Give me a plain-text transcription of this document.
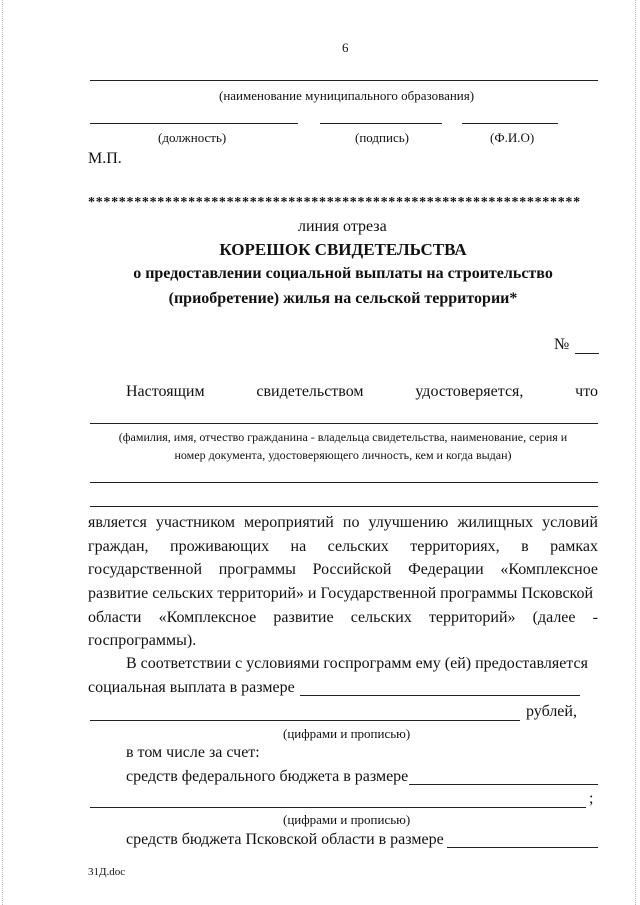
6
(наименование муниципального образования)
(должность)	(подпись)	(Ф.И.О)
М.П.
****************************************************************
линия отреза
КОРЕШОК СВИДЕТЕЛЬСТВА
о предоставлении социальной выплаты на строительство
(приобретение) жилья на сельской территории*
№
Настоящим	свидетельством	удостоверяется,	что
(фамилия, имя, отчество гражданина - владельца свидетельства, наименование, серия и
номер документа, удостоверяющего личность, кем и когда выдан)
является участником мероприятий по улучшению жилищных условий
граждан, проживающих на сельских территориях, в рамках
государственной программы Российской Федерации «Комплексное
развитие сельских территорий» и Государственной программы Псковской
области «Комплексное развитие сельских территорий» (далее -
госпрограммы).
В соответствии с условиями госпрограмм ему (ей) предоставляется
социальная выплата в размере
рублей,
(цифрами и прописью)
в том числе за счет:
средств федерального бюджета в размере
;
(цифрами и прописью)
средств бюджета Псковской области в размере
31Д.doc
